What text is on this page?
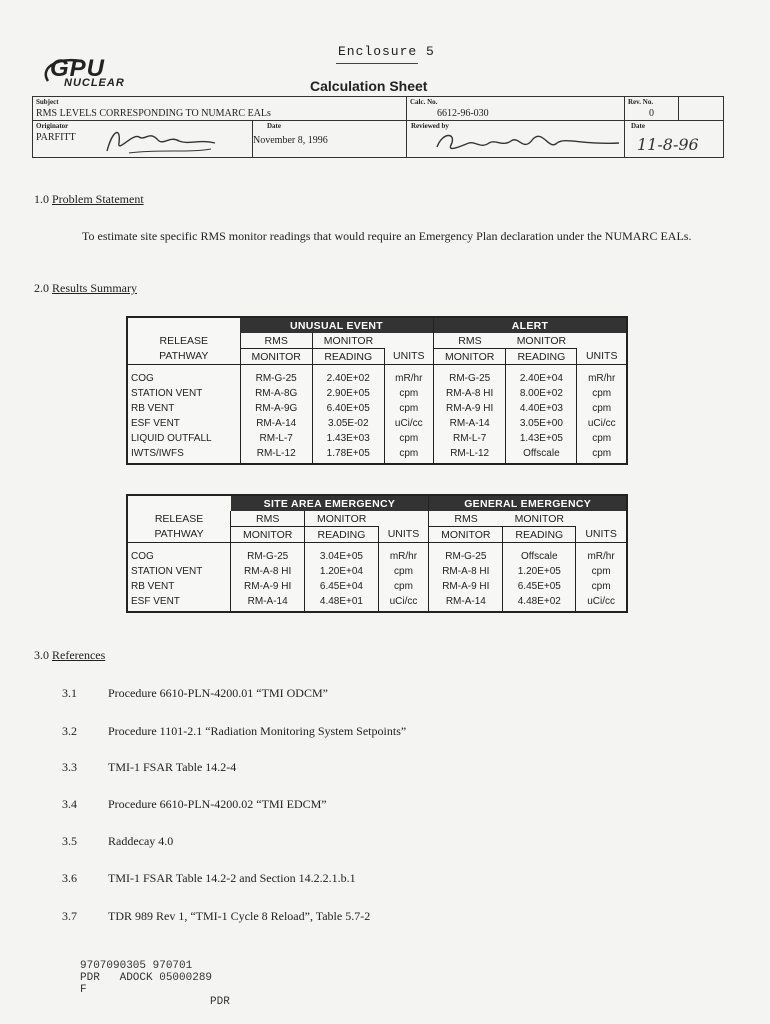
Enclosure 5
GPU
NUCLEAR	Calculation Sheet
Subject
RMS LEVELS CORRESPONDING TO NUMARC EALs
Calc. No.
6612-96-030
Rev. No.
0
Originator
PARFITT
Date
November 8, 1996
Reviewed by	Date
11-8-96
1.0 Problem Statement
To estimate site specific RMS monitor readings that would require an Emergency Plan declaration under the NUMARC EALs.
2.0 Results Summary
	UNUSUAL EVENT			ALERT		
RELEASE	RMS	MONITOR		RMS	MONITOR	
PATHWAY	MONITOR	READING	UNITS	MONITOR	READING	UNITS
COG	RM-G-25	2.40E+02	mR/hr	RM-G-25	2.40E+04	mR/hr
STATION VENT	RM-A-8G	2.90E+05	cpm	RM-A-8 HI	8.00E+02	cpm
RB VENT	RM-A-9G	6.40E+05	cpm	RM-A-9 HI	4.40E+03	cpm
ESF VENT	RM-A-14	3.05E-02	uCi/cc	RM-A-14	3.05E+00	uCi/cc
LIQUID OUTFALL	RM-L-7	1.43E+03	cpm	RM-L-7	1.43E+05	cpm
IWTS/IWFS	RM-L-12	1.78E+05	cpm	RM-L-12	Offscale	cpm
	SITE AREA EMERGENCY			GENERAL EMERGENCY		
RELEASE	RMS	MONITOR		RMS	MONITOR	
PATHWAY	MONITOR	READING	UNITS	MONITOR	READING	UNITS
COG	RM-G-25	3.04E+05	mR/hr	RM-G-25	Offscale	mR/hr
STATION VENT	RM-A-8 HI	1.20E+04	cpm	RM-A-8 HI	1.20E+05	cpm
RB VENT	RM-A-9 HI	6.45E+04	cpm	RM-A-9 HI	6.45E+05	cpm
ESF VENT	RM-A-14	4.48E+01	uCi/cc	RM-A-14	4.48E+02	uCi/cc
3.0 References
3.1	Procedure 6610-PLN-4200.01 “TMI ODCM”
3.2	Procedure 1101-2.1 “Radiation Monitoring System Setpoints”
3.3	TMI-1 FSAR Table 14.2-4
3.4	Procedure 6610-PLN-4200.02 “TMI EDCM”
3.5	Raddecay 4.0
3.6	TMI-1 FSAR Table 14.2-2 and Section 14.2.2.1.b.1
3.7	TDR 989 Rev 1, “TMI-1 Cycle 8 Reload”, Table 5.7-2
9707090305 970701
PDR   ADOCK 05000289
F
PDR
